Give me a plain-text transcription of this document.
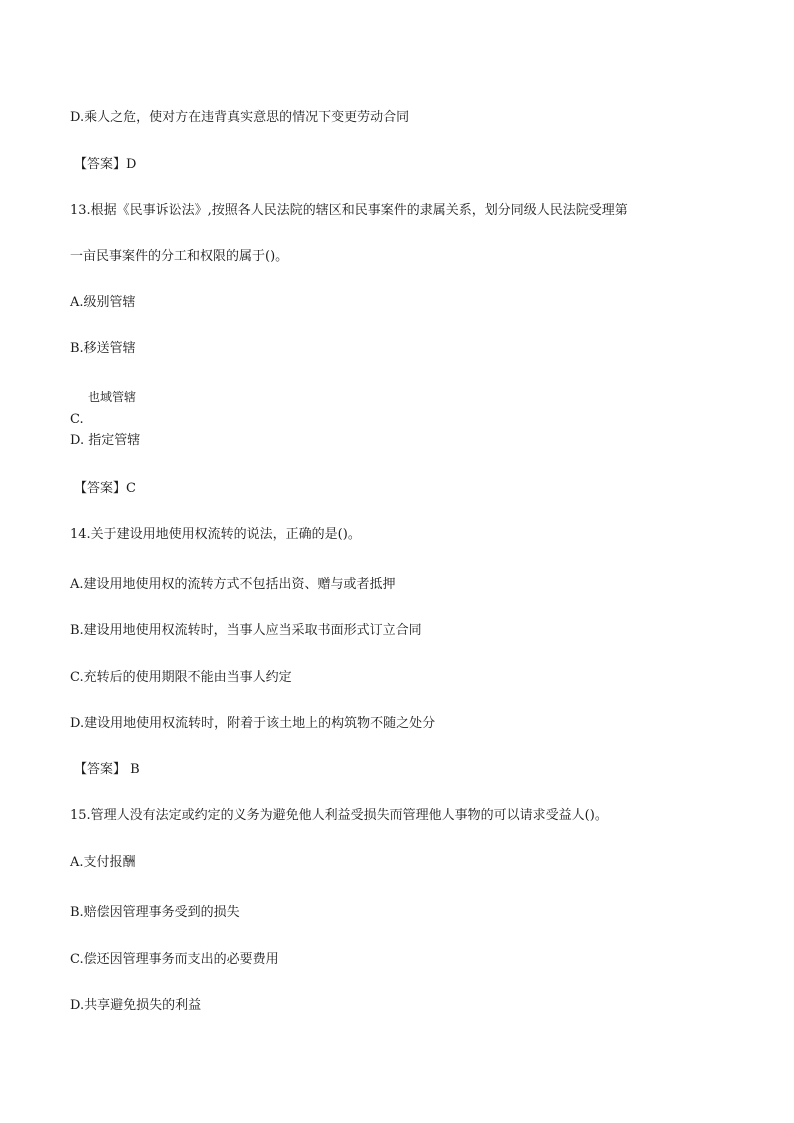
D.乘人之危，使对方在违背真实意思的情况下变更劳动合同
【答案】D
13.根据《民事诉讼法》,按照各人民法院的辖区和民事案件的隶属关系，划分同级人民法院受理第
一亩民事案件的分工和权限的属于()。
A.级别管辖
B.移送管辖
也域管辖
C.
D. 指定管辖
【答案】C
14.关于建设用地使用权流转的说法，正确的是()。
A.建设用地使用权的流转方式不包括出资、赠与或者抵押
B.建设用地使用权流转时，当事人应当采取书面形式订立合同
C.充转后的使用期限不能由当事人约定
D.建设用地使用权流转时，附着于该土地上的构筑物不随之处分
【答案】 B
15.管理人没有法定或约定的义务为避免他人利益受损失而管理他人事物的可以请求受益人()。
A.支付报酬
B.赔偿因管理事务受到的损失
C.偿还因管理事务而支出的必要费用
D.共享避免损失的利益
